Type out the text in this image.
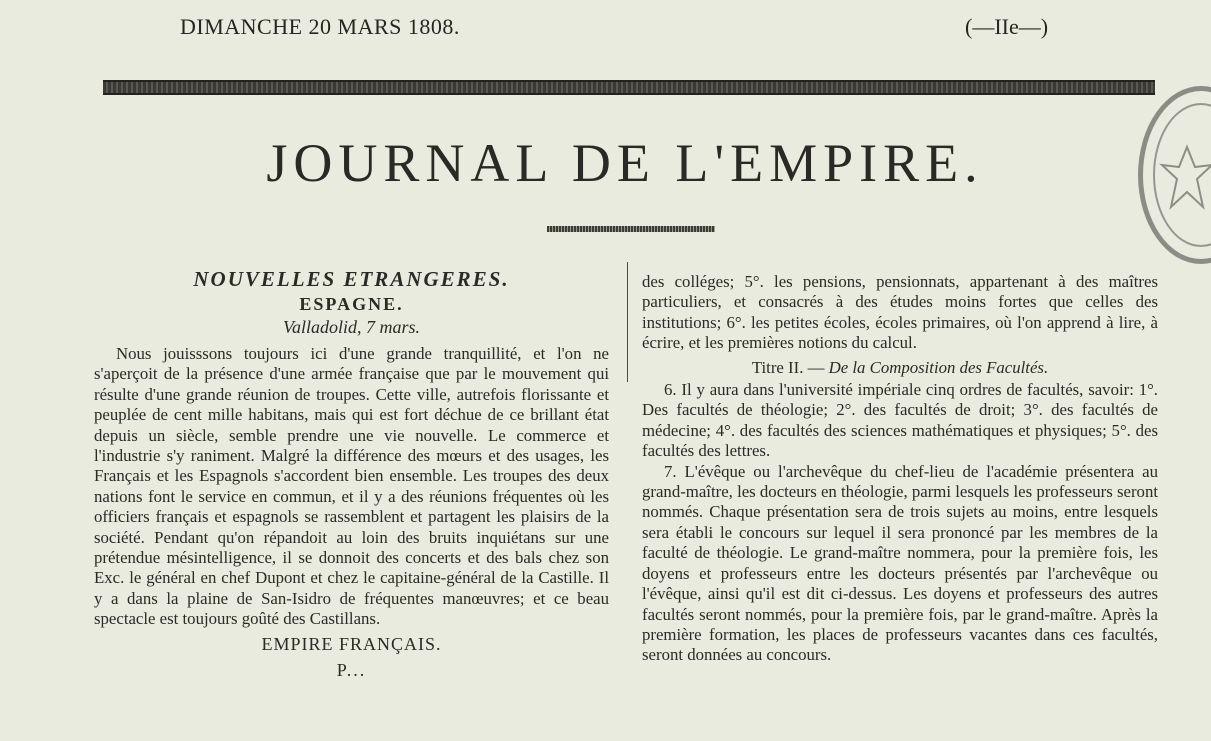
DIMANCHE 20 MARS 1808.	(—IIe—)
JOURNAL DE L'EMPIRE.
NOUVELLES ETRANGERES.
ESPAGNE.
Valladolid, 7 mars.

Nous jouisssons toujours ici d'une grande tranquillité, et l'on ne s'aperçoit de la présence d'une armée française que par le mouvement qui résulte d'une grande réunion de troupes. Cette ville, autrefois florissante et peuplée de cent mille habitans, mais qui est fort déchue de ce brillant état depuis un siècle, semble prendre une vie nouvelle. Le commerce et l'industrie s'y raniment. Malgré la différence des mœurs et des usages, les Français et les Espagnols s'accordent bien ensemble. Les troupes des deux nations font le service en commun, et il y a des réunions fréquentes où les officiers français et espagnols se rassemblent et partagent les plaisirs de la société. Pendant qu'on répandoit au loin des bruits inquiétans sur une prétendue mésintelligence, il se donnoit des concerts et des bals chez son Exc. le général en chef Dupont et chez le capitaine-général de la Castille. Il y a dans la plaine de San-Isidro de fréquentes manœuvres; et ce beau spectacle est toujours goûté des Castillans.

EMPIRE FRANÇAIS.
P...

des colléges; 5°. les pensions, pensionnats, appartenant à des maîtres particuliers, et consacrés à des études moins fortes que celles des institutions; 6°. les petites écoles, écoles primaires, où l'on apprend à lire, à écrire, et les premières notions du calcul.

Titre II. — De la Composition des Facultés.

6. Il y aura dans l'université impériale cinq ordres de facultés, savoir: 1°. Des facultés de théologie; 2°. des facultés de droit; 3°. des facultés de médecine; 4°. des facultés des sciences mathématiques et physiques; 5°. des facultés des lettres.

7. L'évêque ou l'archevêque du chef-lieu de l'académie présentera au grand-maître, les docteurs en théologie, parmi lesquels les professeurs seront nommés. Chaque présentation sera de trois sujets au moins, entre lesquels sera établi le concours sur lequel il sera prononcé par les membres de la faculté de théologie. Le grand-maître nommera, pour la première fois, les doyens et professeurs entre les docteurs présentés par l'archevêque ou l'évêque, ainsi qu'il est dit ci-dessus. Les doyens et professeurs des autres facultés seront nommés, pour la première fois, par le grand-maître. Après la première formation, les places de professeurs vacantes dans ces facultés, seront données au concours.
